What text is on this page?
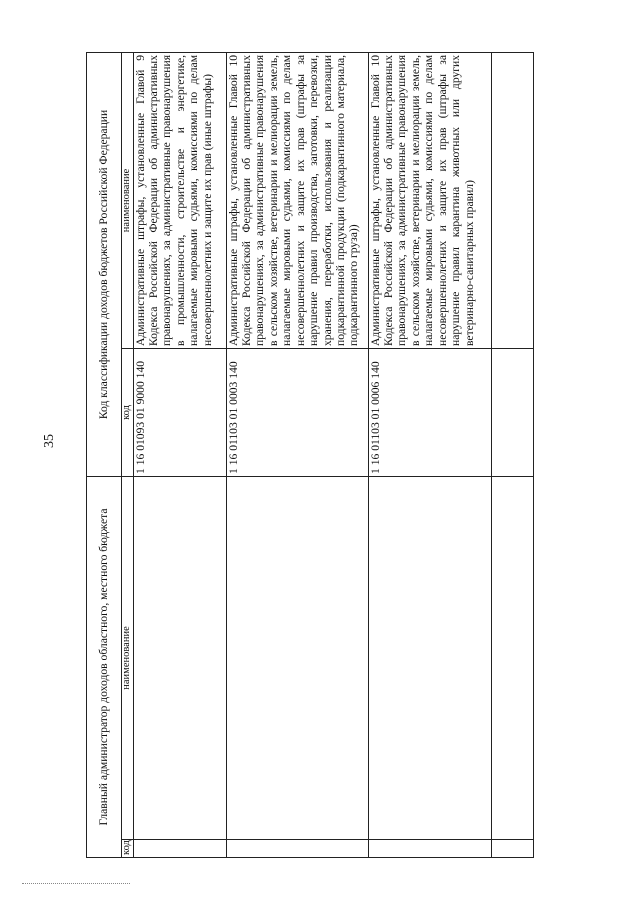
35
Главный администратор доходов областного, местного бюджета		Код классификации доходов бюджетов Российской Федерации	
код	наименование	код	наименование
		1 16 01093 01 9000 140	Административные штрафы, установленные Главой 9 Кодекса Российской Федерации об административных правонарушениях, за административные правонарушения в промышленности, строительстве и энергетике, налагаемые мировыми судьями, комиссиями по делам несовершеннолетних и защите их прав (иные штрафы)
		1 16 01103 01 0003 140	Административные штрафы, установленные Главой 10 Кодекса Российской Федерации об административных правонарушениях, за административные правонарушения в сельском хозяйстве, ветеринарии и мелиорации земель, налагаемые мировыми судьями, комиссиями по делам несовершеннолетних и защите их прав (штрафы за нарушение правил производства, заготовки, перевозки, хранения, переработки, использования и реализации подкарантинной продукции (подкарантинного материала, подкарантинного груза))
		1 16 01103 01 0006 140	Административные штрафы, установленные Главой 10 Кодекса Российской Федерации об административных правонарушениях, за административные правонарушения в сельском хозяйстве, ветеринарии и мелиорации земель, налагаемые мировыми судьями, комиссиями по делам несовершеннолетних и защите их прав (штрафы за нарушение правил карантина животных или других ветеринарно-санитарных правил)
